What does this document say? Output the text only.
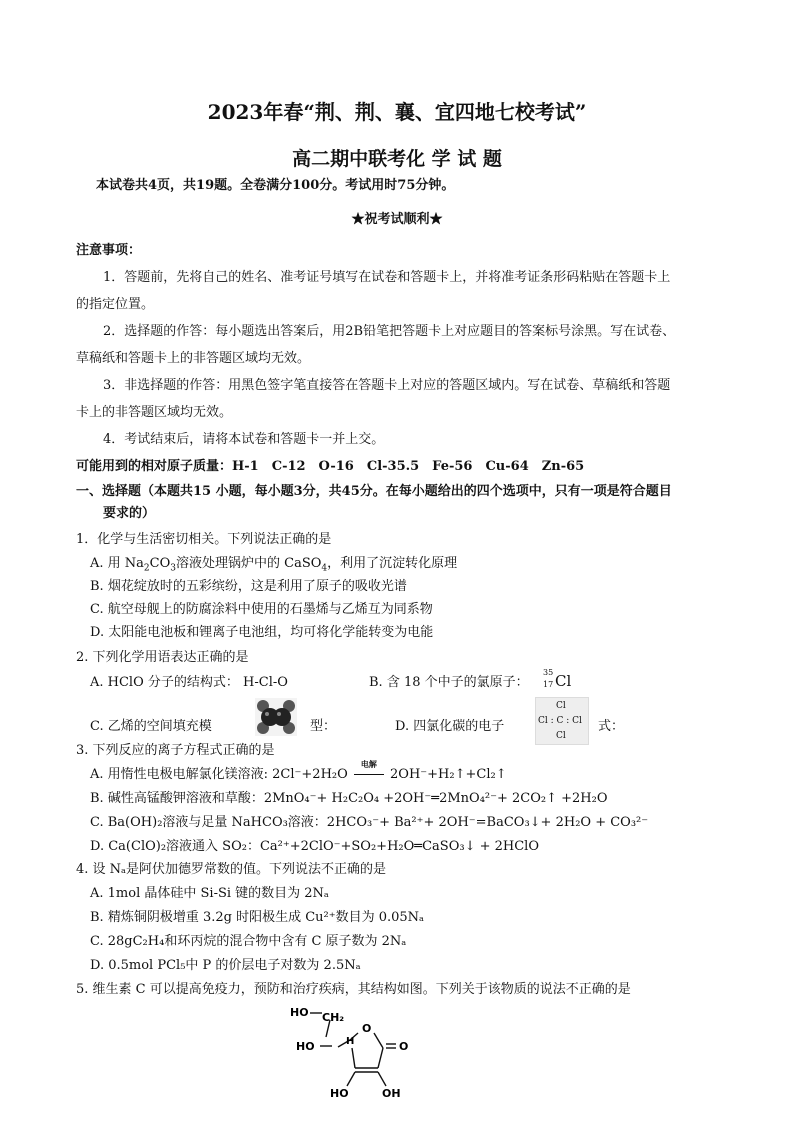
2023年春“荆、荆、襄、宜四地七校考试”
高二期中联考化 学 试 题
本试卷共4页，共19题。全卷满分100分。考试用时75分钟。
★祝考试顺利★
注意事项：
1．答题前，先将自己的姓名、准考证号填写在试卷和答题卡上，并将准考证条形码粘贴在答题卡上
的指定位置。
2．选择题的作答：每小题选出答案后，用2B铅笔把答题卡上对应题目的答案标号涂黑。写在试卷、
草稿纸和答题卡上的非答题区域均无效。
3．非选择题的作答：用黑色签字笔直接答在答题卡上对应的答题区域内。写在试卷、草稿纸和答题
卡上的非答题区域均无效。
4．考试结束后，请将本试卷和答题卡一并上交。
可能用到的相对原子质量：H-1　C-12　O-16　Cl-35.5　Fe-56　Cu-64　Zn-65
一、选择题（本题共15 小题，每小题3分，共45分。在每小题给出的四个选项中，只有一项是符合题目
要求的）
1．化学与生活密切相关。下列说法正确的是
A. 用 $Na_2CO_3$溶液处理锅炉中的 CaSO$_4$，利用了沉淀转化原理
B. 烟花绽放时的五彩缤纷，这是利用了原子的吸收光谱
C. 航空母舰上的防腐涂料中使用的石墨烯与乙烯互为同系物
D. 太阳能电池板和锂离子电池组，均可将化学能转变为电能
2. 下列化学用语表达正确的是
A. HClO 分子的结构式： H-Cl-O	B. 含 18 个中子的氯原子：
35
17 Cl
C. 乙烯的空间填充模	型：	D. 四氯化碳的电子
Cl
Cl : C : Cl
Cl
式：
3. 下列反应的离子方程式正确的是
A. 用惰性电极电解氯化镁溶液: 2Cl⁻+2H₂O
电解
2OH⁻+H₂↑+Cl₂↑
B. 碱性高锰酸钾溶液和草酸：2MnO₄⁻+ H₂C₂O₄ +2OH⁻═2MnO₄²⁻+ 2CO₂↑ +2H₂O
C. Ba(OH)₂溶液与足量 NaHCO₃溶液：2HCO₃⁻+ Ba²⁺+ 2OH⁻=BaCO₃↓+ 2H₂O + CO₃²⁻
D. Ca(ClO)₂溶液通入 SO₂：Ca²⁺+2ClO⁻+SO₂+H₂O═CaSO₃↓ + 2HClO
4. 设 Nₐ是阿伏加德罗常数的值。下列说法不正确的是
A. 1mol 晶体硅中 Si-Si 键的数目为 2Nₐ
B. 精炼铜阴极增重 3.2g 时阳极生成 Cu²⁺数目为 0.05Nₐ
C. 28gC₂H₄和环丙烷的混合物中含有 C 原子数为 2Nₐ
D. 0.5mol PCl₅中 P 的价层电子对数为 2.5Nₐ
5. 维生素 C 可以提高免疫力，预防和治疗疾病，其结构如图。下列关于该物质的说法不正确的是
HO CH₂
HO	H
O
O
HO	OH
